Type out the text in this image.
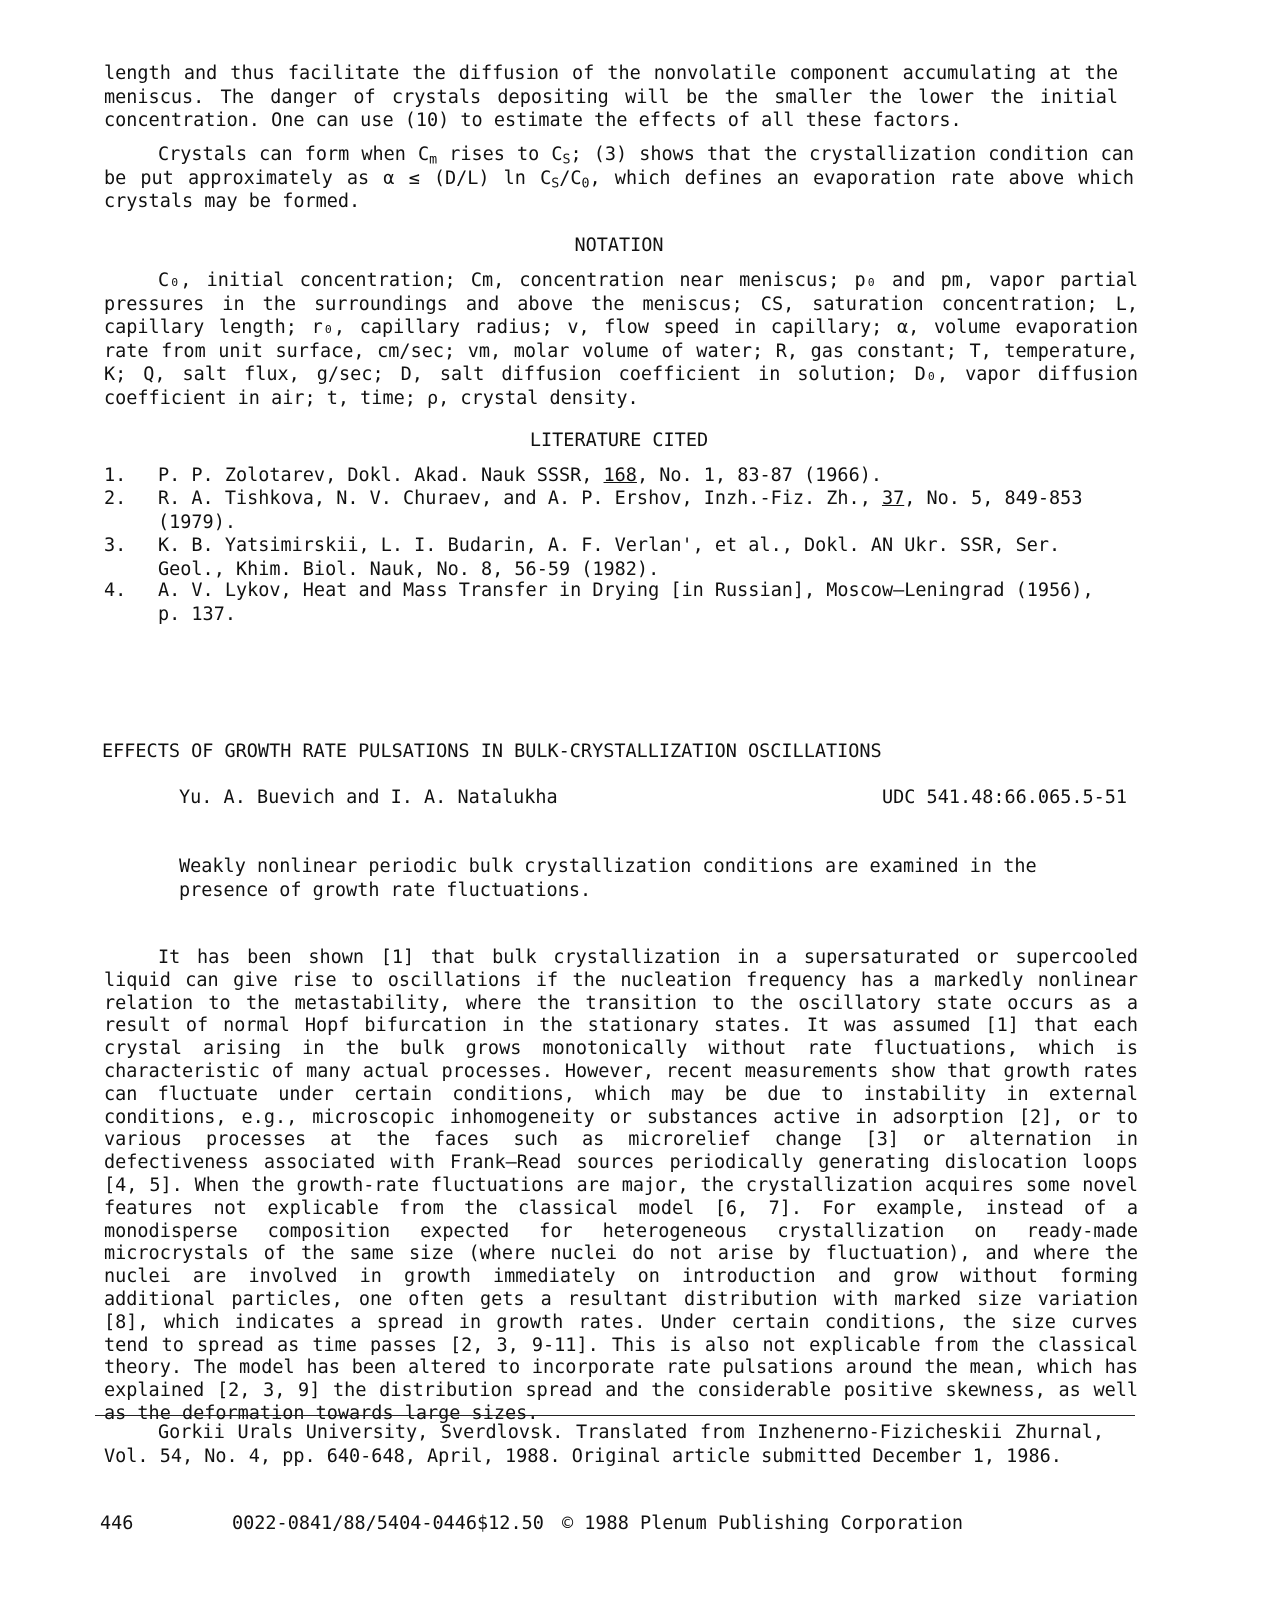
length and thus facilitate the diffusion of the nonvolatile component accumulating at the meniscus. The danger of crystals depositing will be the smaller the lower the initial concentration. One can use (10) to estimate the effects of all these factors.

Crystals can form when $C_m$ rises to $C_S$; (3) shows that the crystallization condition can be put approximately as α ≤ (D/L) $\ln C_S/C_0$, which defines an evaporation rate above which crystals may be formed.

NOTATION

C₀, initial concentration; Cm, concentration near meniscus; p₀ and pm, vapor partial pressures in the surroundings and above the meniscus; CS, saturation concentration; L, capillary length; r₀, capillary radius; v, flow speed in capillary; α, volume evaporation rate from unit surface, cm/sec; vm, molar volume of water; R, gas constant; T, temperature, K; Q, salt flux, g/sec; D, salt diffusion coefficient in solution; D₀, vapor diffusion coefficient in air; t, time; ρ, crystal density.

LITERATURE CITED
1. P. P. Zolotarev, Dokl. Akad. Nauk SSSR, 168, No. 1, 83-87 (1966).
2. R. A. Tishkova, N. V. Churaev, and A. P. Ershov, Inzh.-Fiz. Zh., 37, No. 5, 849-853
(1979).
3. K. B. Yatsimirskii, L. I. Budarin, A. F. Verlan', et al., Dokl. AN Ukr. SSR, Ser.
Geol., Khim. Biol. Nauk, No. 8, 56-59 (1982).
4. A. V. Lykov, Heat and Mass Transfer in Drying [in Russian], Moscow—Leningrad (1956),
p. 137.
EFFECTS OF GROWTH RATE PULSATIONS IN BULK-CRYSTALLIZATION OSCILLATIONS
Yu. A. Buevich and I. A. Natalukha	UDC 541.48:66.065.5-51

Weakly nonlinear periodic bulk crystallization conditions are examined in the presence of growth rate fluctuations.

It has been shown [1] that bulk crystallization in a supersaturated or supercooled liquid can give rise to oscillations if the nucleation frequency has a markedly nonlinear relation to the metastability, where the transition to the oscillatory state occurs as a result of normal Hopf bifurcation in the stationary states. It was assumed [1] that each crystal arising in the bulk grows monotonically without rate fluctuations, which is characteristic of many actual processes. However, recent measurements show that growth rates can fluctuate under certain conditions, which may be due to instability in external conditions, e.g., microscopic inhomogeneity or substances active in adsorption [2], or to various processes at the faces such as microrelief change [3] or alternation in defectiveness associated with Frank—Read sources periodically generating dislocation loops [4, 5]. When the growth-rate fluctuations are major, the crystallization acquires some novel features not explicable from the classical model [6, 7]. For example, instead of a monodisperse composition expected for heterogeneous crystallization on ready-made microcrystals of the same size (where nuclei do not arise by fluctuation), and where the nuclei are involved in growth immediately on introduction and grow without forming additional particles, one often gets a resultant distribution with marked size variation [8], which indicates a spread in growth rates. Under certain conditions, the size curves tend to spread as time passes [2, 3, 9-11]. This is also not explicable from the classical theory. The model has been altered to incorporate rate pulsations around the mean, which has explained [2, 3, 9] the distribution spread and the considerable positive skewness, as well as the deformation towards large sizes.

Gorkii Urals University, Sverdlovsk. Translated from Inzhenerno-Fizicheskii Zhurnal, Vol. 54, No. 4, pp. 640-648, April, 1988. Original article submitted December 1, 1986.

446	0022-0841/88/5404-0446$12.50 © 1988 Plenum Publishing Corporation
